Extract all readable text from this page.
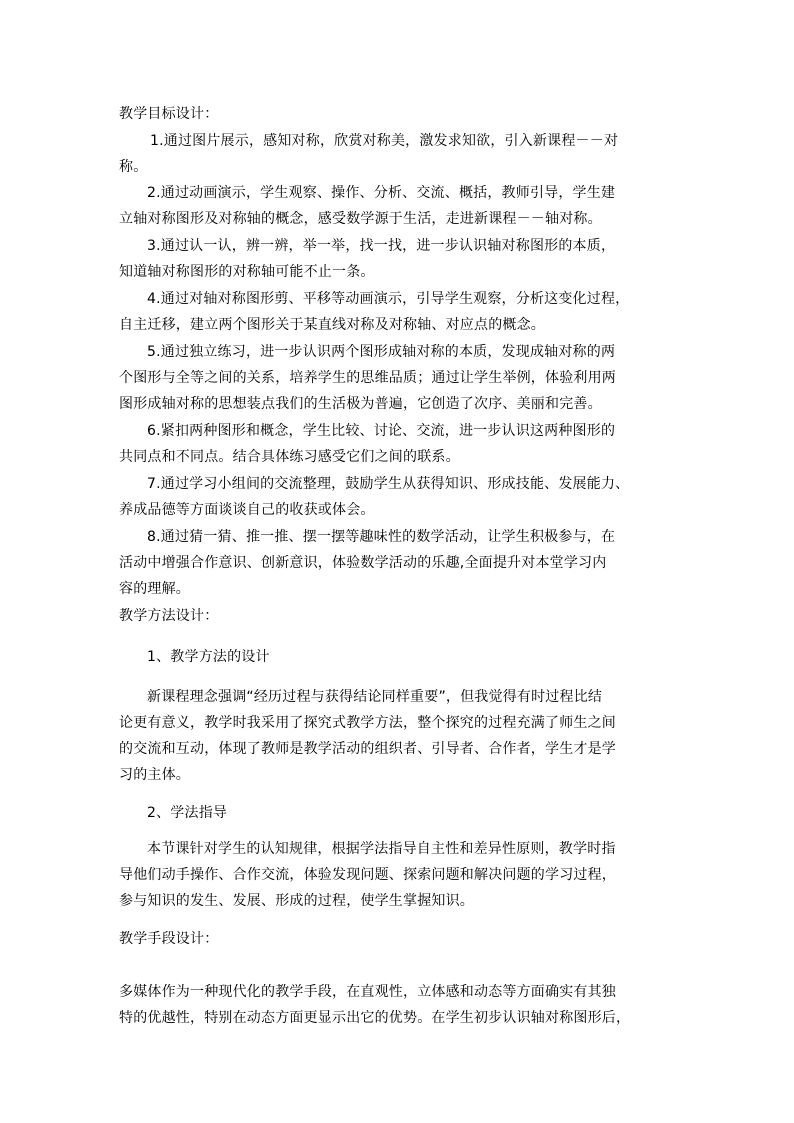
教学目标设计：
1.通过图片展示，感知对称，欣赏对称美，激发求知欲，引入新课程－－对
称。
2.通过动画演示，学生观察、操作、分析、交流、概括，教师引导，学生建
立轴对称图形及对称轴的概念，感受数学源于生活，走进新课程－－轴对称。
3.通过认一认，辨一辨，举一举，找一找，进一步认识轴对称图形的本质，
知道轴对称图形的对称轴可能不止一条。
4.通过对轴对称图形剪、平移等动画演示，引导学生观察，分析这变化过程，
自主迁移，建立两个图形关于某直线对称及对称轴、对应点的概念。
5.通过独立练习，进一步认识两个图形成轴对称的本质，发现成轴对称的两
个图形与全等之间的关系，培养学生的思维品质；通过让学生举例，体验利用两
图形成轴对称的思想装点我们的生活极为普遍，它创造了次序、美丽和完善。
6.紧扣两种图形和概念，学生比较、讨论、交流，进一步认识这两种图形的
共同点和不同点。结合具体练习感受它们之间的联系。
7.通过学习小组间的交流整理，鼓励学生从获得知识、形成技能、发展能力、
养成品德等方面谈谈自己的收获或体会。
8.通过猜一猜、推一推、摆一摆等趣味性的数学活动，让学生积极参与，在
活动中增强合作意识、创新意识，体验数学活动的乐趣,全面提升对本堂学习内
容的理解。
教学方法设计：
1、教学方法的设计
新课程理念强调“经历过程与获得结论同样重要”，但我觉得有时过程比结
论更有意义，教学时我采用了探究式教学方法，整个探究的过程充满了师生之间
的交流和互动，体现了教师是教学活动的组织者、引导者、合作者，学生才是学
习的主体。
2、学法指导
本节课针对学生的认知规律，根据学法指导自主性和差异性原则，教学时指
导他们动手操作、合作交流，体验发现问题、探索问题和解决问题的学习过程，
参与知识的发生、发展、形成的过程，使学生掌握知识。
教学手段设计：
多媒体作为一种现代化的教学手段，在直观性，立体感和动态等方面确实有其独
特的优越性，特别在动态方面更显示出它的优势。在学生初步认识轴对称图形后，
